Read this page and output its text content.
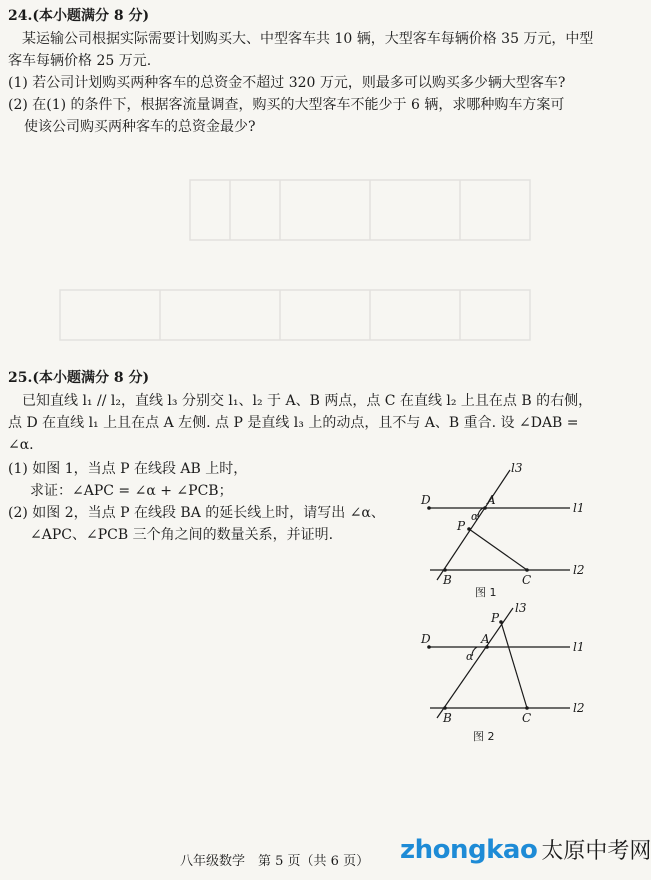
24.(本小题满分 8 分)
某运输公司根据实际需要计划购买大、中型客车共 10 辆，大型客车每辆价格 35 万元，中型
客车每辆价格 25 万元.
(1) 若公司计划购买两种客车的总资金不超过 320 万元，则最多可以购买多少辆大型客车?
(2) 在(1) 的条件下，根据客流量调查，购买的大型客车不能少于 6 辆，求哪种购车方案可
使该公司购买两种客车的总资金最少?
25.(本小题满分 8 分)
已知直线 l₁ // l₂，直线 l₃ 分别交 l₁、l₂ 于 A、B 两点，点 C 在直线 l₂ 上且在点 B 的右侧，
点 D 在直线 l₁ 上且在点 A 左侧. 点 P 是直线 l₃ 上的动点，且不与 A、B 重合. 设 ∠DAB =
∠α.
(1) 如图 1，当点 P 在线段 AB 上时，
求证：∠APC = ∠α + ∠PCB；
(2) 如图 2，当点 P 在线段 BA 的延长线上时，请写出 ∠α、
∠APC、∠PCB 三个角之间的数量关系，并证明.
l3
l1
l2
D	A
α
P
B	C
图 1
l3
l1
l2
D	A
α
P
B	C
图 2
八年级数学　第 5 页（共 6 页） zhongkao 太原中考网
